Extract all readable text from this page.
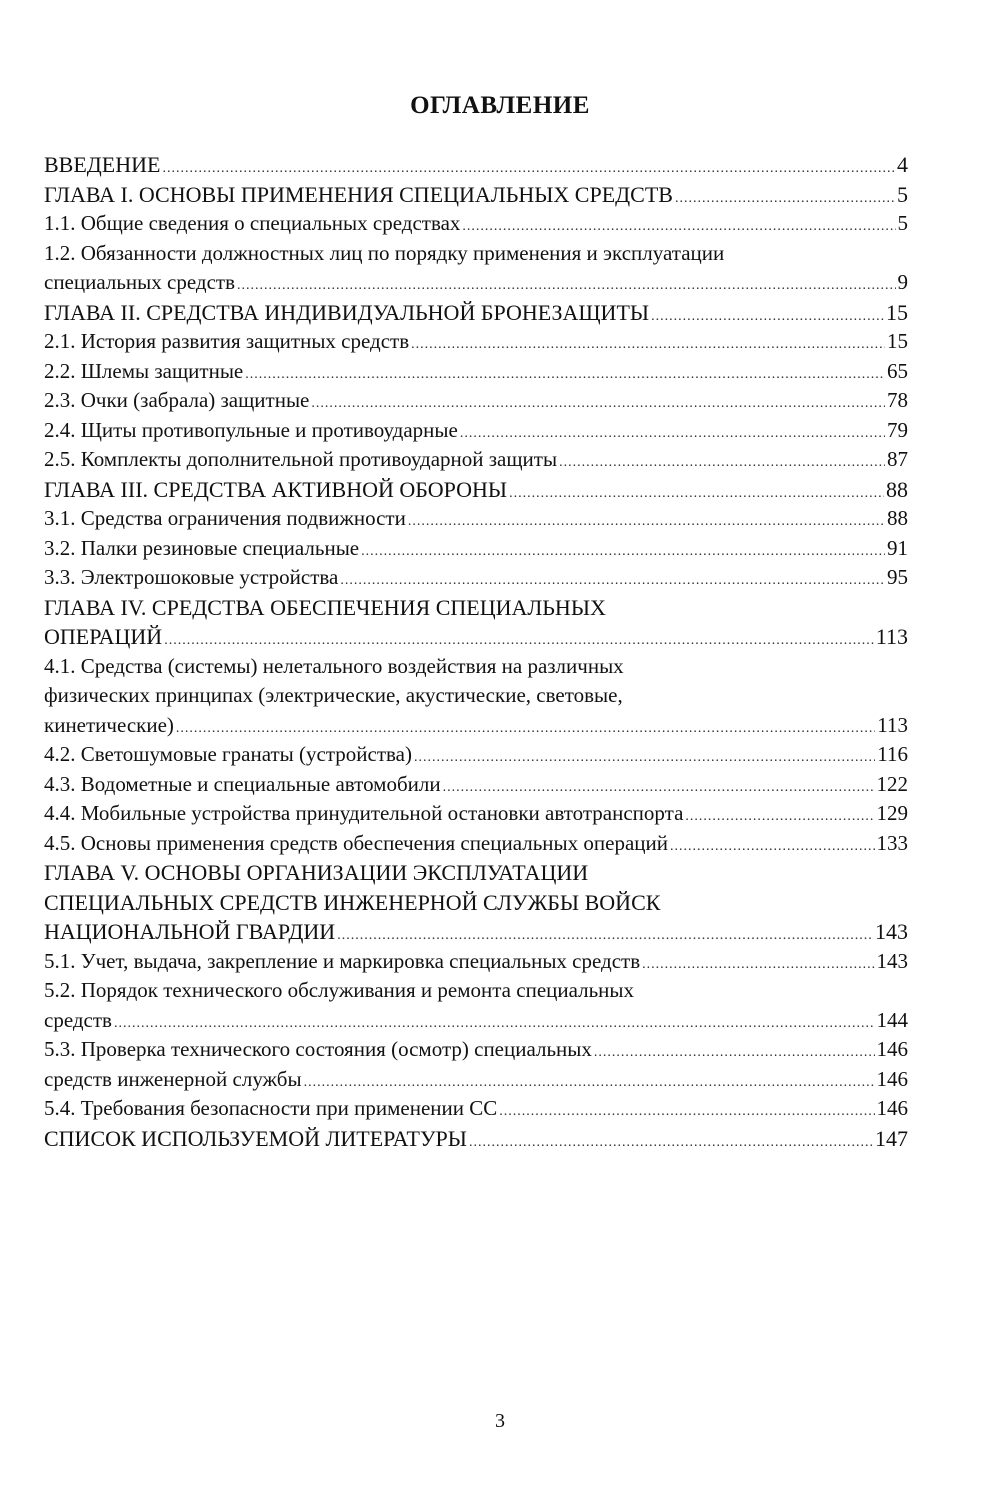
ОГЛАВЛЕНИЕ
ВВЕДЕНИЕ .....	4
ГЛАВА I. ОСНОВЫ ПРИМЕНЕНИЯ СПЕЦИАЛЬНЫХ СРЕДСТВ .....	5
1.1. Общие сведения о специальных средствах .....	5
1.2. Обязанности должностных лиц по порядку применения и эксплуатации
специальных средств .....	9
ГЛАВА II. СРЕДСТВА ИНДИВИДУАЛЬНОЙ БРОНЕЗАЩИТЫ .....	15
2.1. История развития защитных средств .....	15
2.2. Шлемы защитные .....	65
2.3. Очки (забрала) защитные .....	78
2.4. Щиты противопульные и противоударные .....	79
2.5. Комплекты дополнительной противоударной защиты .....	87
ГЛАВА III. СРЕДСТВА АКТИВНОЙ ОБОРОНЫ .....	88
3.1. Средства ограничения подвижности .....	88
3.2. Палки резиновые специальные .....	91
3.3. Электрошоковые устройства .....	95
ГЛАВА IV. СРЕДСТВА ОБЕСПЕЧЕНИЯ СПЕЦИАЛЬНЫХ
ОПЕРАЦИЙ .....	113
4.1. Средства (системы) нелетального воздействия на различных
физических принципах (электрические, акустические, световые,
кинетические) .....	113
4.2. Светошумовые гранаты (устройства) .....	116
4.3. Водометные и специальные автомобили .....	122
4.4. Мобильные устройства принудительной остановки автотранспорта .....	129
4.5. Основы применения средств обеспечения специальных операций .....	133
ГЛАВА V. ОСНОВЫ ОРГАНИЗАЦИИ ЭКСПЛУАТАЦИИ
СПЕЦИАЛЬНЫХ СРЕДСТВ ИНЖЕНЕРНОЙ СЛУЖБЫ ВОЙСК
НАЦИОНАЛЬНОЙ ГВАРДИИ .....	143
5.1. Учет, выдача, закрепление и маркировка специальных средств .....	143
5.2. Порядок технического обслуживания и ремонта специальных
средств .....	144
5.3. Проверка технического состояния (осмотр) специальных .....	146
средств инженерной службы .....	146
5.4. Требования безопасности при применении СС .....	146
СПИСОК ИСПОЛЬЗУЕМОЙ ЛИТЕРАТУРЫ .....	147
3
